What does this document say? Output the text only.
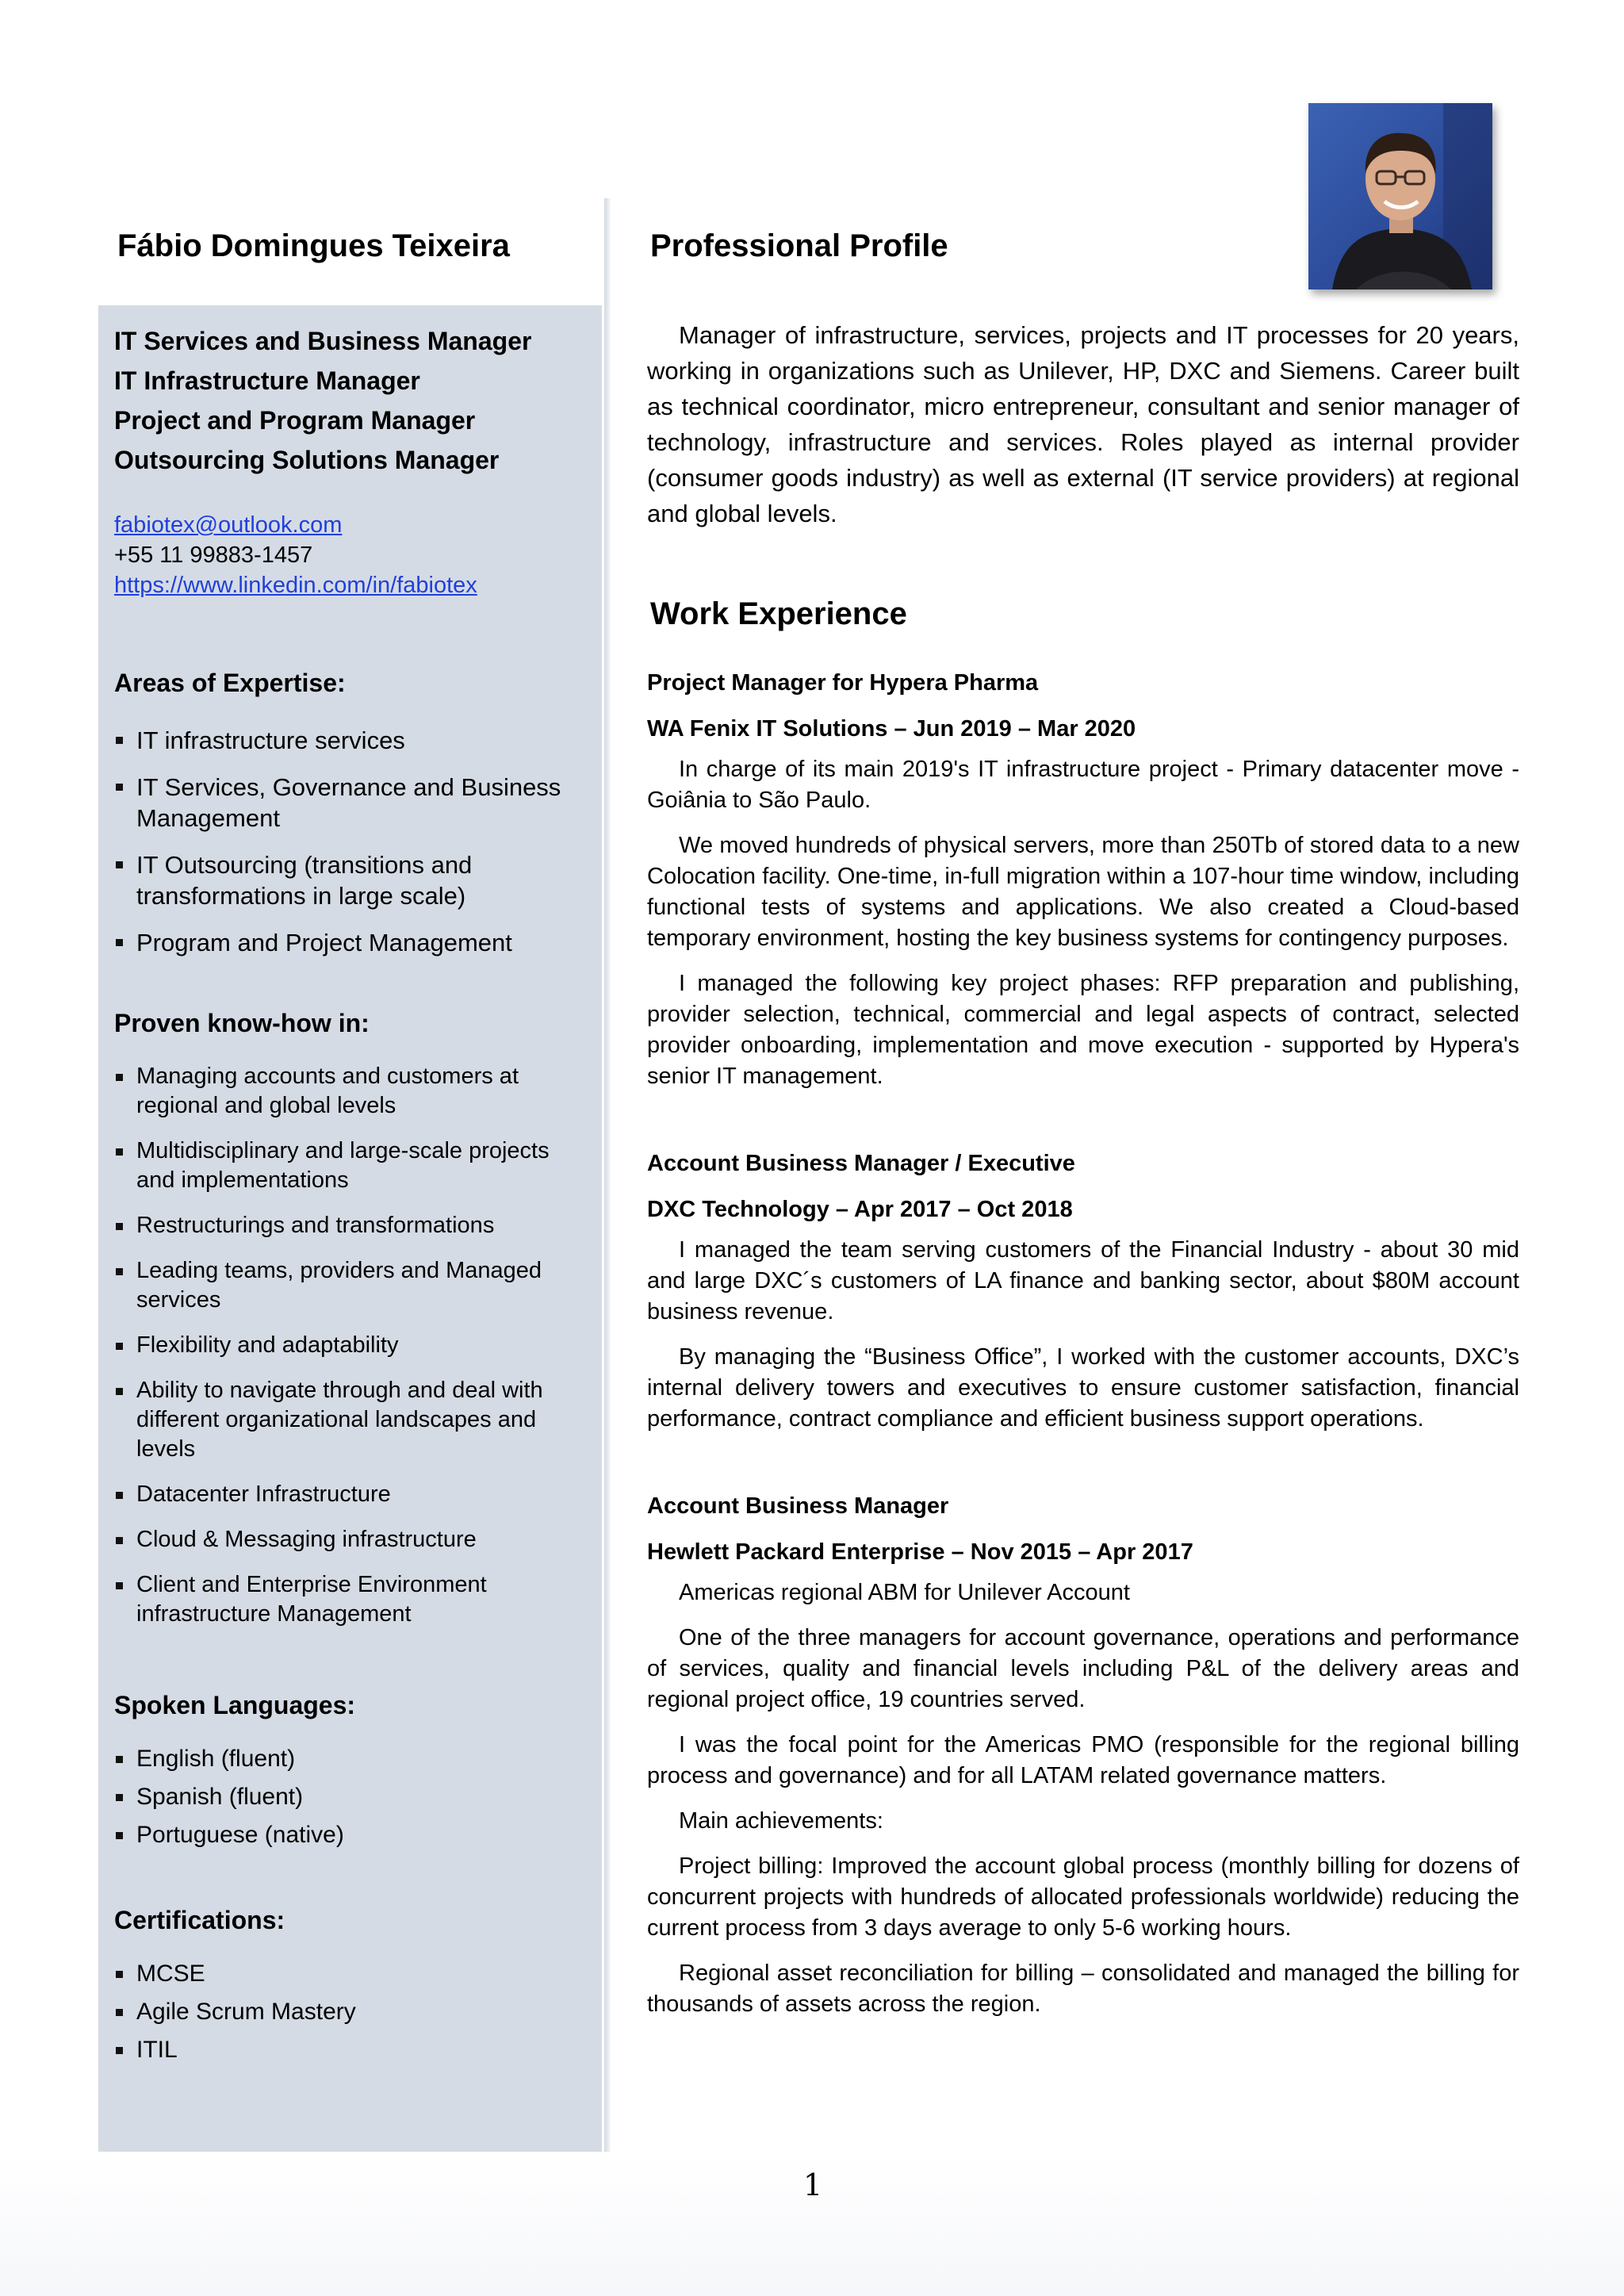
Fábio Domingues Teixeira
IT Services and Business Manager
IT Infrastructure Manager
Project and Program Manager
Outsourcing Solutions Manager
fabiotex@outlook.com
+55 11 99883-1457
https://www.linkedin.com/in/fabiotex
Areas of Expertise:
IT infrastructure services
IT Services, Governance and Business Management
IT Outsourcing (transitions and transformations in large scale)
Program and Project Management
Proven know-how in:
Managing accounts and customers at regional and global levels
Multidisciplinary and large-scale projects and implementations
Restructurings and transformations
Leading teams, providers and Managed services
Flexibility and adaptability
Ability to navigate through and deal with different organizational landscapes and levels
Datacenter Infrastructure
Cloud & Messaging infrastructure
Client and Enterprise Environment infrastructure Management
Spoken Languages:
English (fluent)
Spanish (fluent)
Portuguese (native)
Certifications:
MCSE
Agile Scrum Mastery
ITIL
Professional Profile

Manager of infrastructure, services, projects and IT processes for 20 years, working in organizations such as Unilever, HP, DXC and Siemens. Career built as technical coordinator, micro entrepreneur, consultant and senior manager of technology, infrastructure and services. Roles played as internal provider (consumer goods industry) as well as external (IT service providers) at regional and global levels.

Work Experience

Project Manager for Hypera Pharma

WA Fenix IT Solutions – Jun 2019 – Mar 2020

In charge of its main 2019's IT infrastructure project - Primary datacenter move - Goiânia to São Paulo.

We moved hundreds of physical servers, more than 250Tb of stored data to a new Colocation facility. One-time, in-full migration within a 107-hour time window, including functional tests of systems and applications. We also created a Cloud-based temporary environment, hosting the key business systems for contingency purposes.

I managed the following key project phases: RFP preparation and publishing, provider selection, technical, commercial and legal aspects of contract, selected provider onboarding, implementation and move execution - supported by Hypera's senior IT management.

Account Business Manager / Executive

DXC Technology – Apr 2017 – Oct 2018

I managed the team serving customers of the Financial Industry - about 30 mid and large DXC´s customers of LA finance and banking sector, about $80M account business revenue.

By managing the “Business Office”, I worked with the customer accounts, DXC’s internal delivery towers and executives to ensure customer satisfaction, financial performance, contract compliance and efficient business support operations.

Account Business Manager

Hewlett Packard Enterprise – Nov 2015 – Apr 2017

Americas regional ABM for Unilever Account

One of the three managers for account governance, operations and performance of services, quality and financial levels including P&L of the delivery areas and regional project office, 19 countries served.

I was the focal point for the Americas PMO (responsible for the regional billing process and governance) and for all LATAM related governance matters.

Main achievements:

Project billing: Improved the account global process (monthly billing for dozens of concurrent projects with hundreds of allocated professionals worldwide) reducing the current process from 3 days average to only 5-6 working hours.

Regional asset reconciliation for billing – consolidated and managed the billing for thousands of assets across the region.

1
